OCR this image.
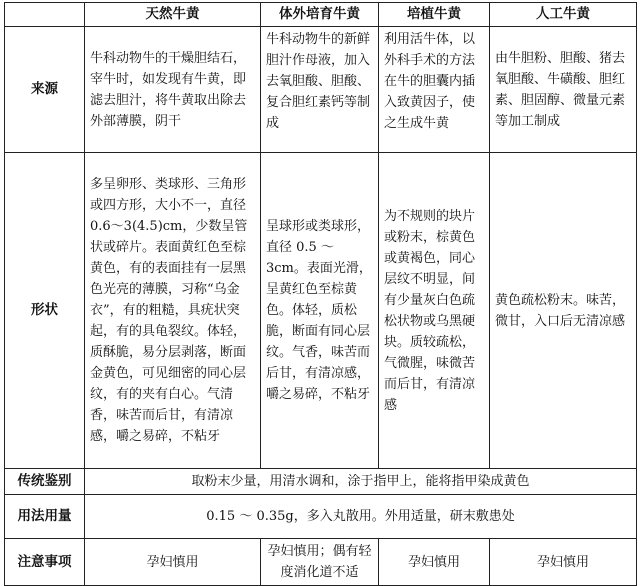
	天然牛黄	体外培育牛黄	培植牛黄	人工牛黄
来源	牛科动物牛的干燥胆结石，宰牛时，如发现有牛黄，即滤去胆汁，将牛黄取出除去外部薄膜，阴干	牛科动物牛的新鲜胆汁作母液，加入去氧胆酸、胆酸、复合胆红素钙等制成	利用活牛体，以外科手术的方法在牛的胆囊内插入致黄因子，使之生成牛黄	由牛胆粉、胆酸、猪去氧胆酸、牛磺酸、胆红素、胆固醇、微量元素等加工制成
形状	多呈卵形、类球形、三角形或四方形，大小不一，直径 0.6～3(4.5)cm，少数呈管状或碎片。表面黄红色至棕黄色，有的表面挂有一层黑色光亮的薄膜，习称“乌金衣”，有的粗糙，具疣状突起，有的具龟裂纹。体轻，质酥脆，易分层剥落，断面金黄色，可见细密的同心层纹，有的夹有白心。气清香，味苦而后甘，有清凉感，嚼之易碎，不粘牙	呈球形或类球形，直径 0.5 ～3cm。表面光滑，呈黄红色至棕黄色。体轻，质松脆，断面有同心层纹。气香，味苦而后甘，有清凉感，嚼之易碎，不粘牙	为不规则的块片或粉末，棕黄色或黄褐色，同心层纹不明显，间有少量灰白色疏松状物或乌黑硬块。质较疏松，气微腥，味微苦而后甘，有清凉感	黄色疏松粉末。味苦，微甘，入口后无清凉感
传统鉴别	取粉末少量，用清水调和，涂于指甲上，能将指甲染成黄色			
用法用量	0.15 ～ 0.35g，多入丸散用。外用适量，研末敷患处			
注意事项	孕妇慎用	孕妇慎用；偶有轻度消化道不适	孕妇慎用	孕妇慎用
